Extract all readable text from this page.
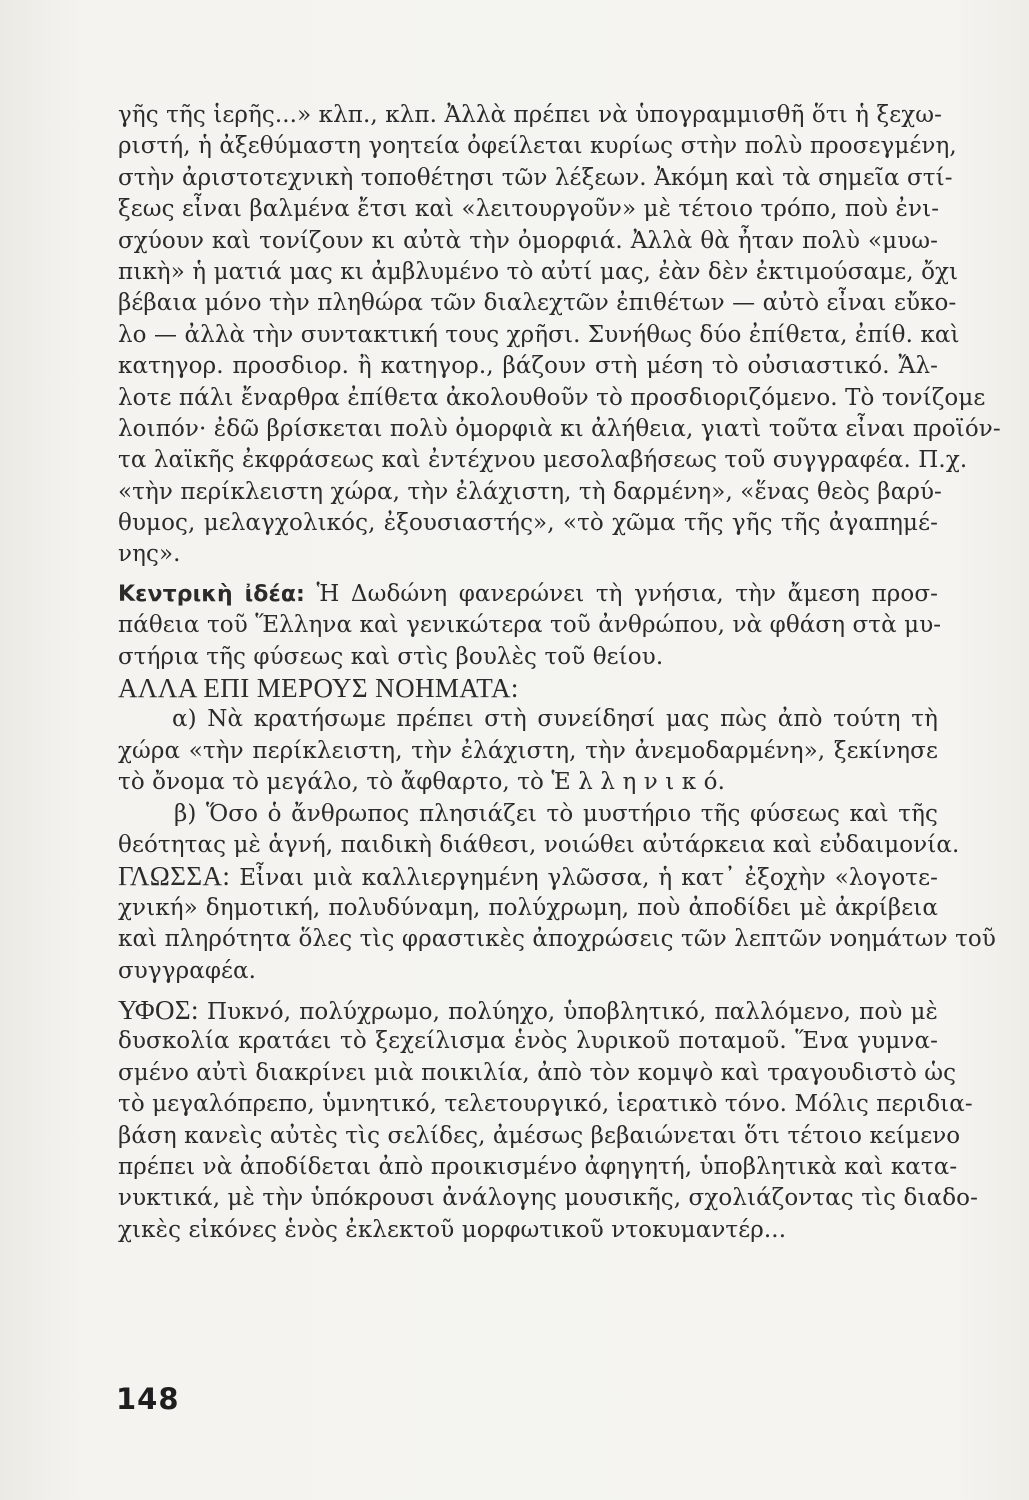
γῆς τῆς ἱερῆς...» κλπ., κλπ. Ἀλλὰ πρέπει νὰ ὑπογραμμισθῆ ὅτι ἡ ξεχω-
ριστή, ἡ ἀξεθύμαστη γοητεία ὀφείλεται κυρίως στὴν πολὺ προσεγμένη,
στὴν ἀριστοτεχνικὴ τοποθέτησι τῶν λέξεων. Ἀκόμη καὶ τὰ σημεῖα στί-
ξεως εἶναι βαλμένα ἔτσι καὶ «λειτουργοῦν» μὲ τέτοιο τρόπο, ποὺ ἐνι-
σχύουν καὶ τονίζουν κι αὐτὰ τὴν ὀμορφιά. Ἀλλὰ θὰ ἦταν πολὺ «μυω-
πικὴ» ἡ ματιά μας κι ἀμβλυμένο τὸ αὐτί μας, ἐὰν δὲν ἐκτιμούσαμε, ὄχι
βέβαια μόνο τὴν πληθώρα τῶν διαλεχτῶν ἐπιθέτων — αὐτὸ εἶναι εὔκο-
λο — ἀλλὰ τὴν συντακτική τους χρῆσι. Συνήθως δύο ἐπίθετα, ἐπίθ. καὶ
κατηγορ. προσδιορ. ἢ κατηγορ., βάζουν στὴ μέση τὸ οὐσιαστικό. Ἄλ-
λοτε πάλι ἔναρθρα ἐπίθετα ἀκολουθοῦν τὸ προσδιοριζόμενο. Τὸ τονίζομε
λοιπόν· ἐδῶ βρίσκεται πολὺ ὀμορφιὰ κι ἀλήθεια, γιατὶ τοῦτα εἶναι προϊόν-
τα λαϊκῆς ἐκφράσεως καὶ ἐντέχνου μεσολαβήσεως τοῦ συγγραφέα. Π.χ.
«τὴν περίκλειστη χώρα, τὴν ἐλάχιστη, τὴ δαρμένη», «ἕνας θεὸς βαρύ-
θυμος, μελαγχολικός, ἐξουσιαστής», «τὸ χῶμα τῆς γῆς τῆς ἀγαπημέ-
νης».
Κεντρικὴ ἰδέα: Ἡ Δωδώνη φανερώνει τὴ γνήσια, τὴν ἄμεση προσ-
πάθεια τοῦ Ἕλληνα καὶ γενικώτερα τοῦ ἀνθρώπου, νὰ φθάση στὰ μυ-
στήρια τῆς φύσεως καὶ στὶς βουλὲς τοῦ θείου.
ΑΛΛΑ ΕΠΙ ΜΕΡΟΥΣ ΝΟΗΜΑΤΑ:
α) Νὰ κρατήσωμε πρέπει στὴ συνείδησί μας πὼς ἀπὸ τούτη τὴ
χώρα «τὴν περίκλειστη, τὴν ἐλάχιστη, τὴν ἀνεμοδαρμένη», ξεκίνησε
τὸ ὄνομα τὸ μεγάλο, τὸ ἄφθαρτο, τὸ Ἑ λ λ η ν ι κ ό.
β) Ὅσο ὁ ἄνθρωπος πλησιάζει τὸ μυστήριο τῆς φύσεως καὶ τῆς
θεότητας μὲ ἁγνή, παιδικὴ διάθεσι, νοιώθει αὐτάρκεια καὶ εὐδαιμονία.
ΓΛΩΣΣΑ: Εἶναι μιὰ καλλιεργημένη γλῶσσα, ἡ κατ᾽ ἐξοχὴν «λογοτε-
χνική» δημοτική, πολυδύναμη, πολύχρωμη, ποὺ ἀποδίδει μὲ ἀκρίβεια
καὶ πληρότητα ὅλες τὶς φραστικὲς ἀποχρώσεις τῶν λεπτῶν νοημάτων τοῦ
συγγραφέα.
ΥΦΟΣ: Πυκνό, πολύχρωμο, πολύηχο, ὑποβλητικό, παλλόμενο, ποὺ μὲ
δυσκολία κρατάει τὸ ξεχείλισμα ἑνὸς λυρικοῦ ποταμοῦ. Ἕνα γυμνα-
σμένο αὐτὶ διακρίνει μιὰ ποικιλία, ἀπὸ τὸν κομψὸ καὶ τραγουδιστὸ ὡς
τὸ μεγαλόπρεπο, ὑμνητικό, τελετουργικό, ἱερατικὸ τόνο. Μόλις περιδια-
βάση κανεὶς αὐτὲς τὶς σελίδες, ἀμέσως βεβαιώνεται ὅτι τέτοιο κείμενο
πρέπει νὰ ἀποδίδεται ἀπὸ προικισμένο ἀφηγητή, ὑποβλητικὰ καὶ κατα-
νυκτικά, μὲ τὴν ὑπόκρουσι ἀνάλογης μουσικῆς, σχολιάζοντας τὶς διαδο-
χικὲς εἰκόνες ἑνὸς ἐκλεκτοῦ μορφωτικοῦ ντοκυμαντέρ...
148
